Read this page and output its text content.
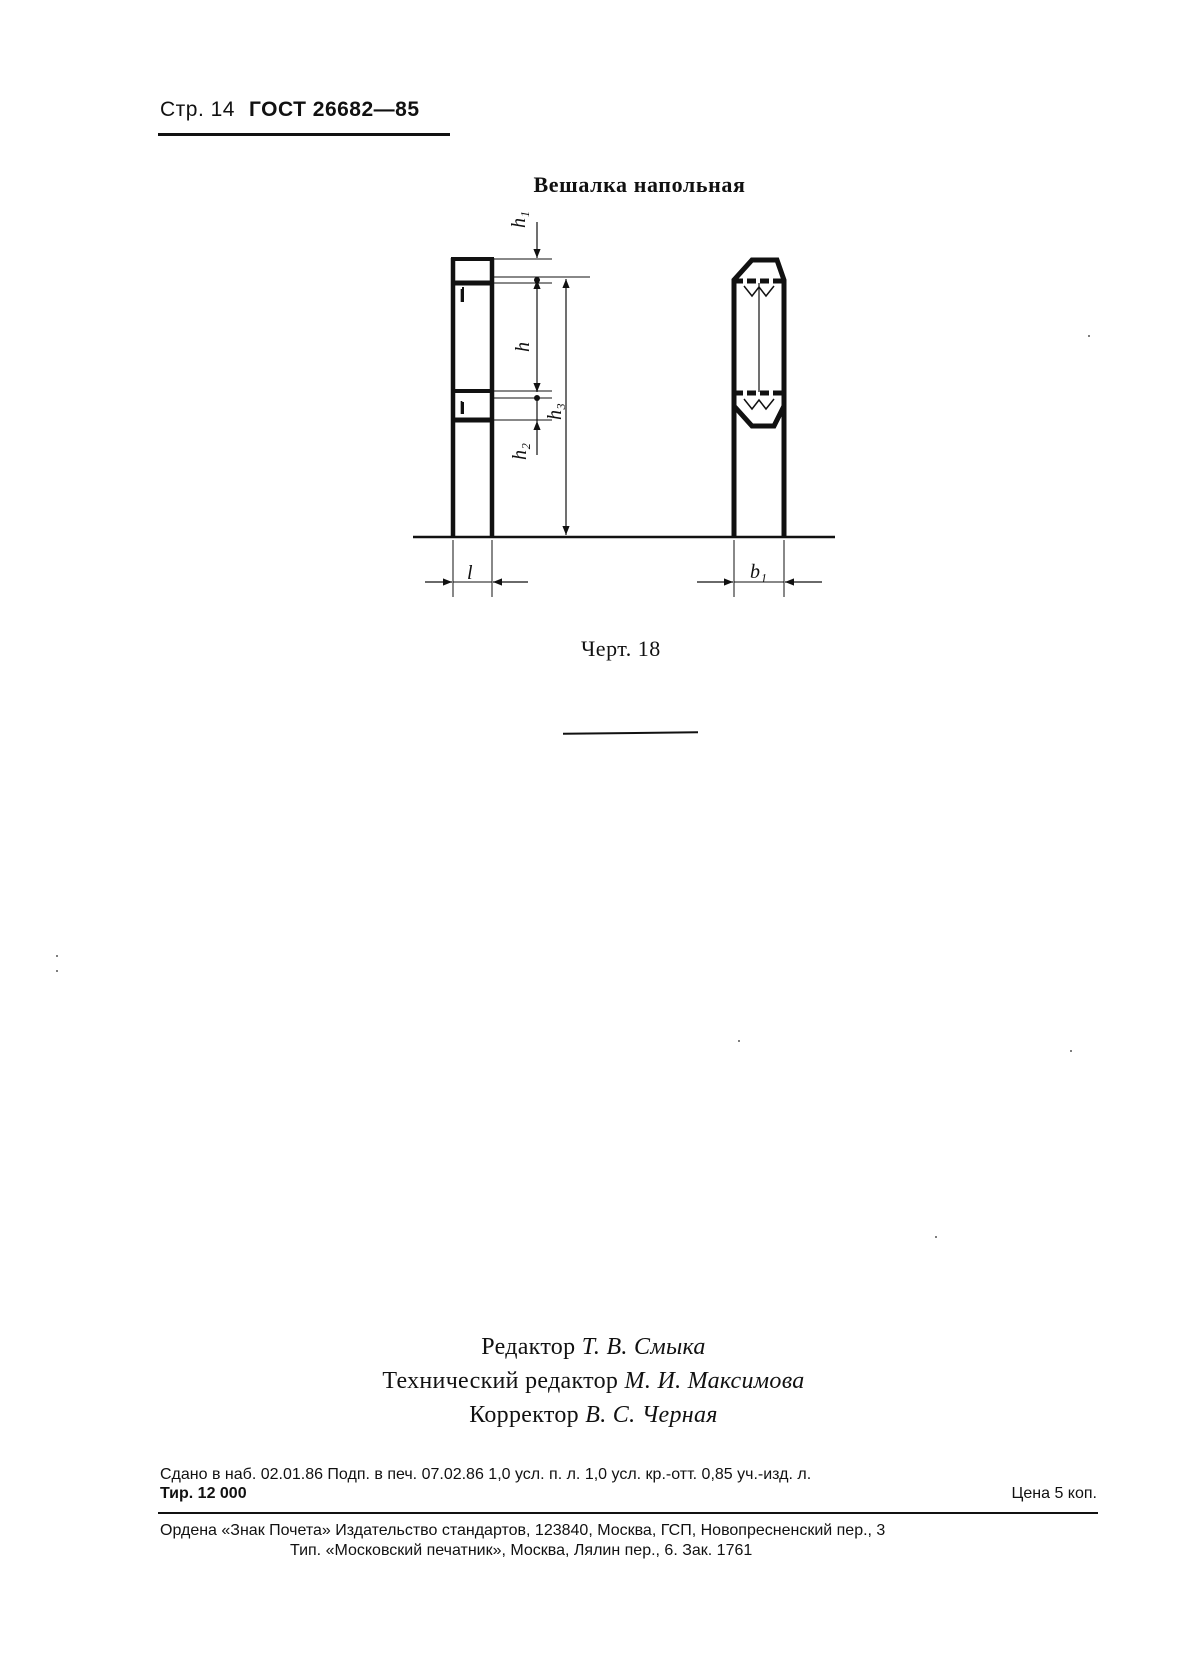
Стр. 14 ГОСТ 26682—85
Вешалка напольная
h₁
h
h₃
h₂
l	b₁
I
I
Черт. 18
Редактор Т. В. Смыка
Технический редактор М. И. Максимова
Корректор В. С. Черная
Сдано в наб. 02.01.86 Подп. в печ. 07.02.86 1,0 усл. п. л. 1,0 усл. кр.-отт. 0,85 уч.-изд. л.
Тир. 12 000	Цена 5 коп.
Ордена «Знак Почета» Издательство стандартов, 123840, Москва, ГСП, Новопресненский пер., 3
Тип. «Московский печатник», Москва, Лялин пер., 6. Зак. 1761
